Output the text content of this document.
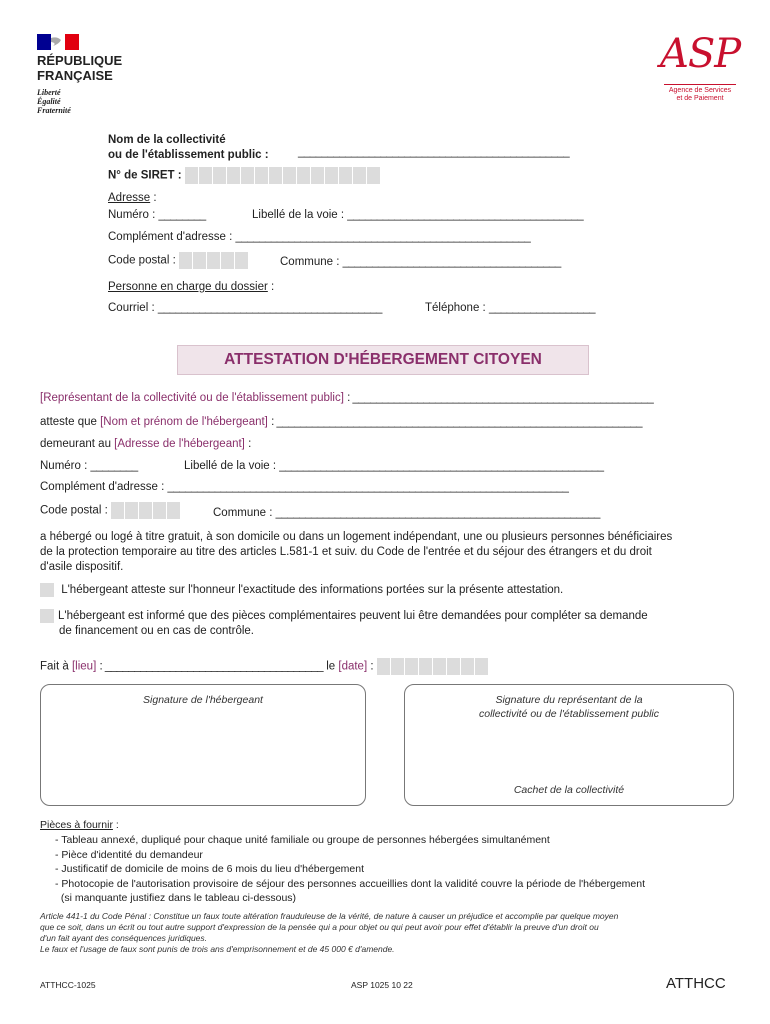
RÉPUBLIQUE
FRANÇAISE
Liberté
Égalité
Fraternité
ASP
Agence de Services
et de Paiement
Nom de la collectivité
ou de l'établissement public :	______________________________________________
N° de SIRET :
Adresse :
Numéro : ________	Libellé de la voie : ________________________________________
Complément d'adresse : __________________________________________________
Code postal :	Commune : _____________________________________
Personne en charge du dossier :
Courriel : ______________________________________	Téléphone : __________________
ATTESTATION D'HÉBERGEMENT CITOYEN
[Représentant de la collectivité ou de l'établissement public] : ___________________________________________________
atteste que [Nom et prénom de l'hébergeant] : ______________________________________________________________
demeurant au [Adresse de l'hébergeant] :
Numéro : ________	Libellé de la voie : _______________________________________________________
Complément d'adresse : ____________________________________________________________________
Code postal :	Commune : _______________________________________________________
a hébergé ou logé à titre gratuit, à son domicile ou dans un logement indépendant, une ou plusieurs personnes bénéficiaires
de la protection temporaire au titre des articles L.581-1 et suiv. du Code de l'entrée et du séjour des étrangers et du droit
d'asile dispositif.
L'hébergeant atteste sur l'honneur l'exactitude des informations portées sur la présente attestation.
L'hébergeant est informé que des pièces complémentaires peuvent lui être demandées pour compléter sa demande
de financement ou en cas de contrôle.
Fait à [lieu] : _____________________________________ le [date] :
Signature de l'hébergeant	Signature du représentant de la
collectivité ou de l'établissement public
Cachet de la collectivité
Pièces à fournir :
- Tableau annexé, dupliqué pour chaque unité familiale ou groupe de personnes hébergées simultanément
- Pièce d'identité du demandeur
- Justificatif de domicile de moins de 6 mois du lieu d'hébergement
- Photocopie de l'autorisation provisoire de séjour des personnes accueillies dont la validité couvre la période de l'hébergement
(si manquante justifiez dans le tableau ci-dessous)
Article 441-1 du Code Pénal : Constitue un faux toute altération frauduleuse de la vérité, de nature à causer un préjudice et accomplie par quelque moyen
que ce soit, dans un écrit ou tout autre support d'expression de la pensée qui a pour objet ou qui peut avoir pour effet d'établir la preuve d'un droit ou
d'un fait ayant des conséquences juridiques.
Le faux et l'usage de faux sont punis de trois ans d'emprisonnement et de 45 000 € d'amende.
ATTHCC-1025	ASP 1025 10 22	ATTHCC
